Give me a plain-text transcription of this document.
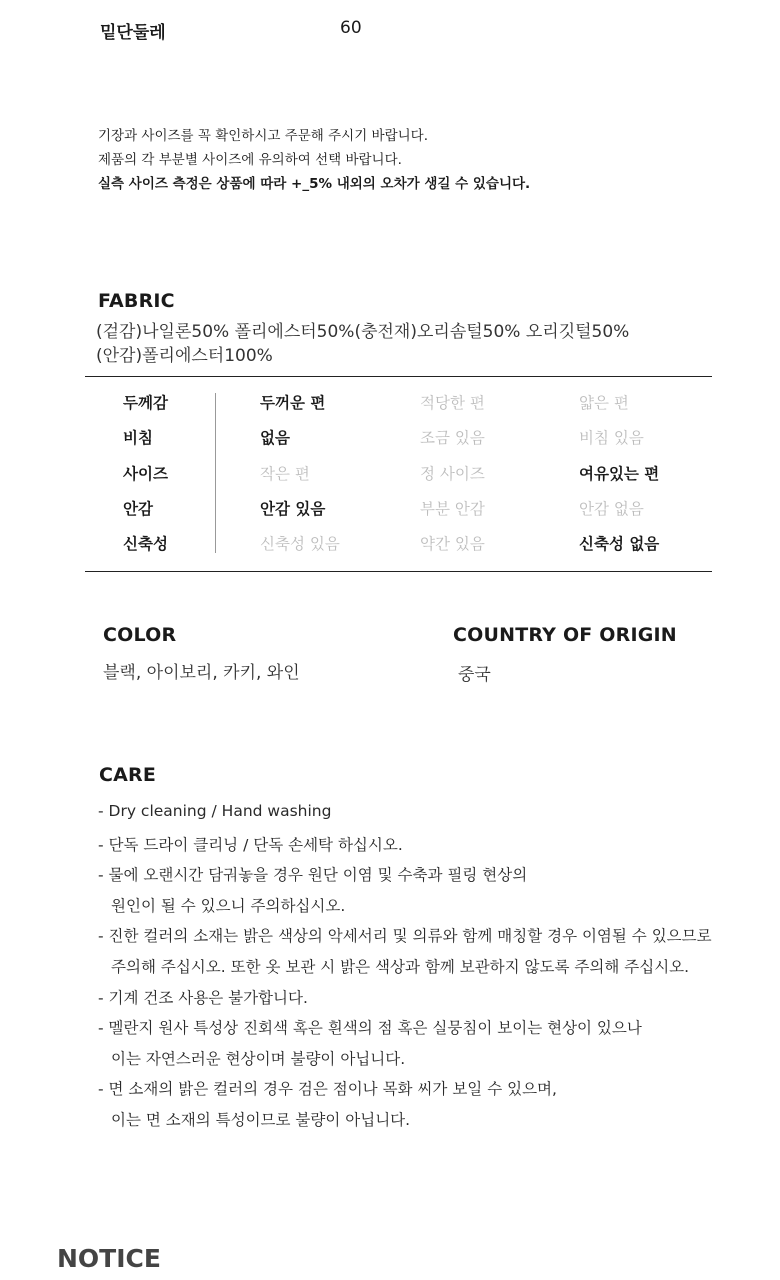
밑단둘레	60
기장과 사이즈를 꼭 확인하시고 주문해 주시기 바랍니다.
제품의 각 부분별 사이즈에 유의하여 선택 바랍니다.
실측 사이즈 측정은 상품에 따라 +_5% 내외의 오차가 생길 수 있습니다.
FABRIC
(겉감)나일론50% 폴리에스터50%(충전재)오리솜털50% 오리깃털50%
(안감)폴리에스터100%
두께감	두꺼운 편	적당한 편	얇은 편
비침	없음	조금 있음	비침 있음
사이즈	작은 편	정 사이즈	여유있는 편
안감	안감 있음	부분 안감	안감 없음
신축성	신축성 있음	약간 있음	신축성 없음
COLOR
블랙, 아이보리, 카키, 와인
COUNTRY OF ORIGIN
중국
CARE
- Dry cleaning / Hand washing
- 단독 드라이 클리닝 / 단독 손세탁 하십시오.
- 물에 오랜시간 담궈놓을 경우 원단 이염 및 수축과 필링 현상의
원인이 될 수 있으니 주의하십시오.
- 진한 컬러의 소재는 밝은 색상의 악세서리 및 의류와 함께 매칭할 경우 이염될 수 있으므로
주의해 주십시오. 또한 옷 보관 시 밝은 색상과 함께 보관하지 않도록 주의해 주십시오.
- 기계 건조 사용은 불가합니다.
- 멜란지 원사 특성상 진회색 혹은 흰색의 점 혹은 실뭉침이 보이는 현상이 있으나
이는 자연스러운 현상이며 불량이 아닙니다.
- 면 소재의 밝은 컬러의 경우 검은 점이나 목화 씨가 보일 수 있으며,
이는 면 소재의 특성이므로 불량이 아닙니다.
NOTICE
